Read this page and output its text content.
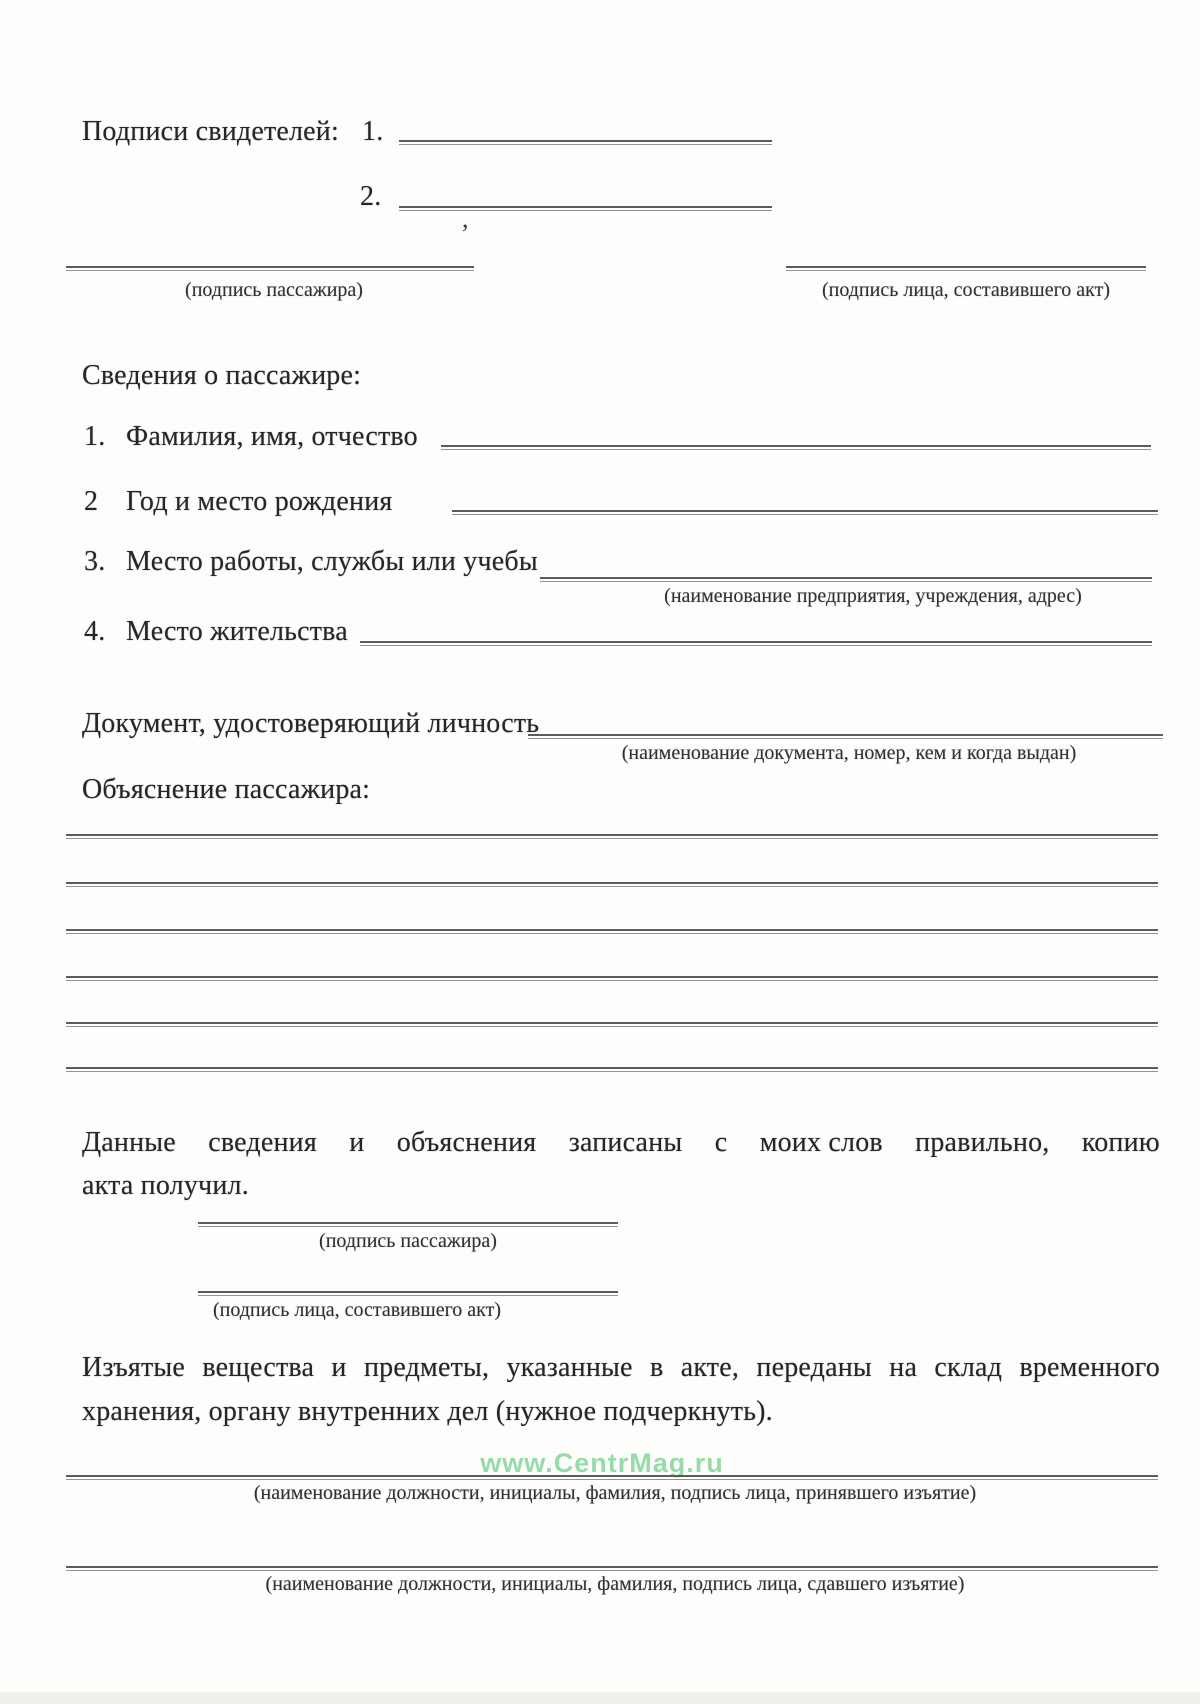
Подписи свидетелей: 1.
2.
,
(подпись пассажира)	(подпись лица, составившего акт)
Сведения о пассажире:
1. Фамилия, имя, отчество
2 Год и место рождения
3. Место работы, службы или учебы
(наименование предприятия, учреждения, адрес)
4. Место жительства
Документ, удостоверяющий личность
(наименование документа, номер, кем и когда выдан)
Объяснение пассажира:
Данные сведения и объяснения записаны с моих слов правильно, копию
акта получил.
(подпись пассажира)
(подпись лица, составившего акт)
Изъятые вещества и предметы, указанные в акте, переданы на склад временного
хранения, органу внутренних дел (нужное подчеркнуть).
www.CentrMag.ru
(наименование должности, инициалы, фамилия, подпись лица, принявшего изъятие)
(наименование должности, инициалы, фамилия, подпись лица, сдавшего изъятие)
